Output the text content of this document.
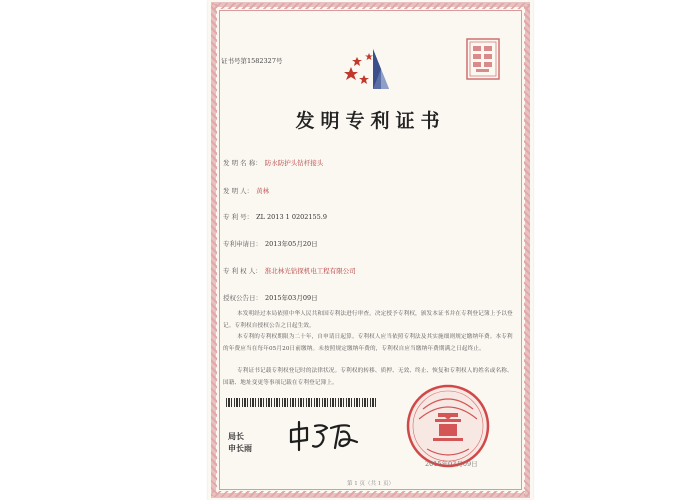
证书号第1582327号
发明专利证书
发 明 名 称： 防水防护头钻杆接头
发 明 人： 黄林
专 利 号： ZL 2013 1 0202155.9
专利申请日： 2013年05月20日
专 利 权 人： 淮北林光钻探机电工程有限公司
授权公告日： 2015年03月09日
本发明经过本局依照中华人民共和国专利法进行审查，决定授予专利权，颁发本证书并在专利登记簿上予以登记。专利权自授权公告之日起生效。
本专利的专利权期限为二十年，自申请日起算。专利权人应当依照专利法及其实施细则规定缴纳年费。本专利的年费应当在每年05月20日前缴纳。未按照规定缴纳年费的，专利权自应当缴纳年费期满之日起终止。
专利证书记载专利权登记时的法律状况。专利权的转移、质押、无效、终止、恢复和专利权人的姓名或名称、国籍、地址变更等事项记载在专利登记簿上。
局长
申长雨
2015年03月09日
第 1 页（共 1 页）
